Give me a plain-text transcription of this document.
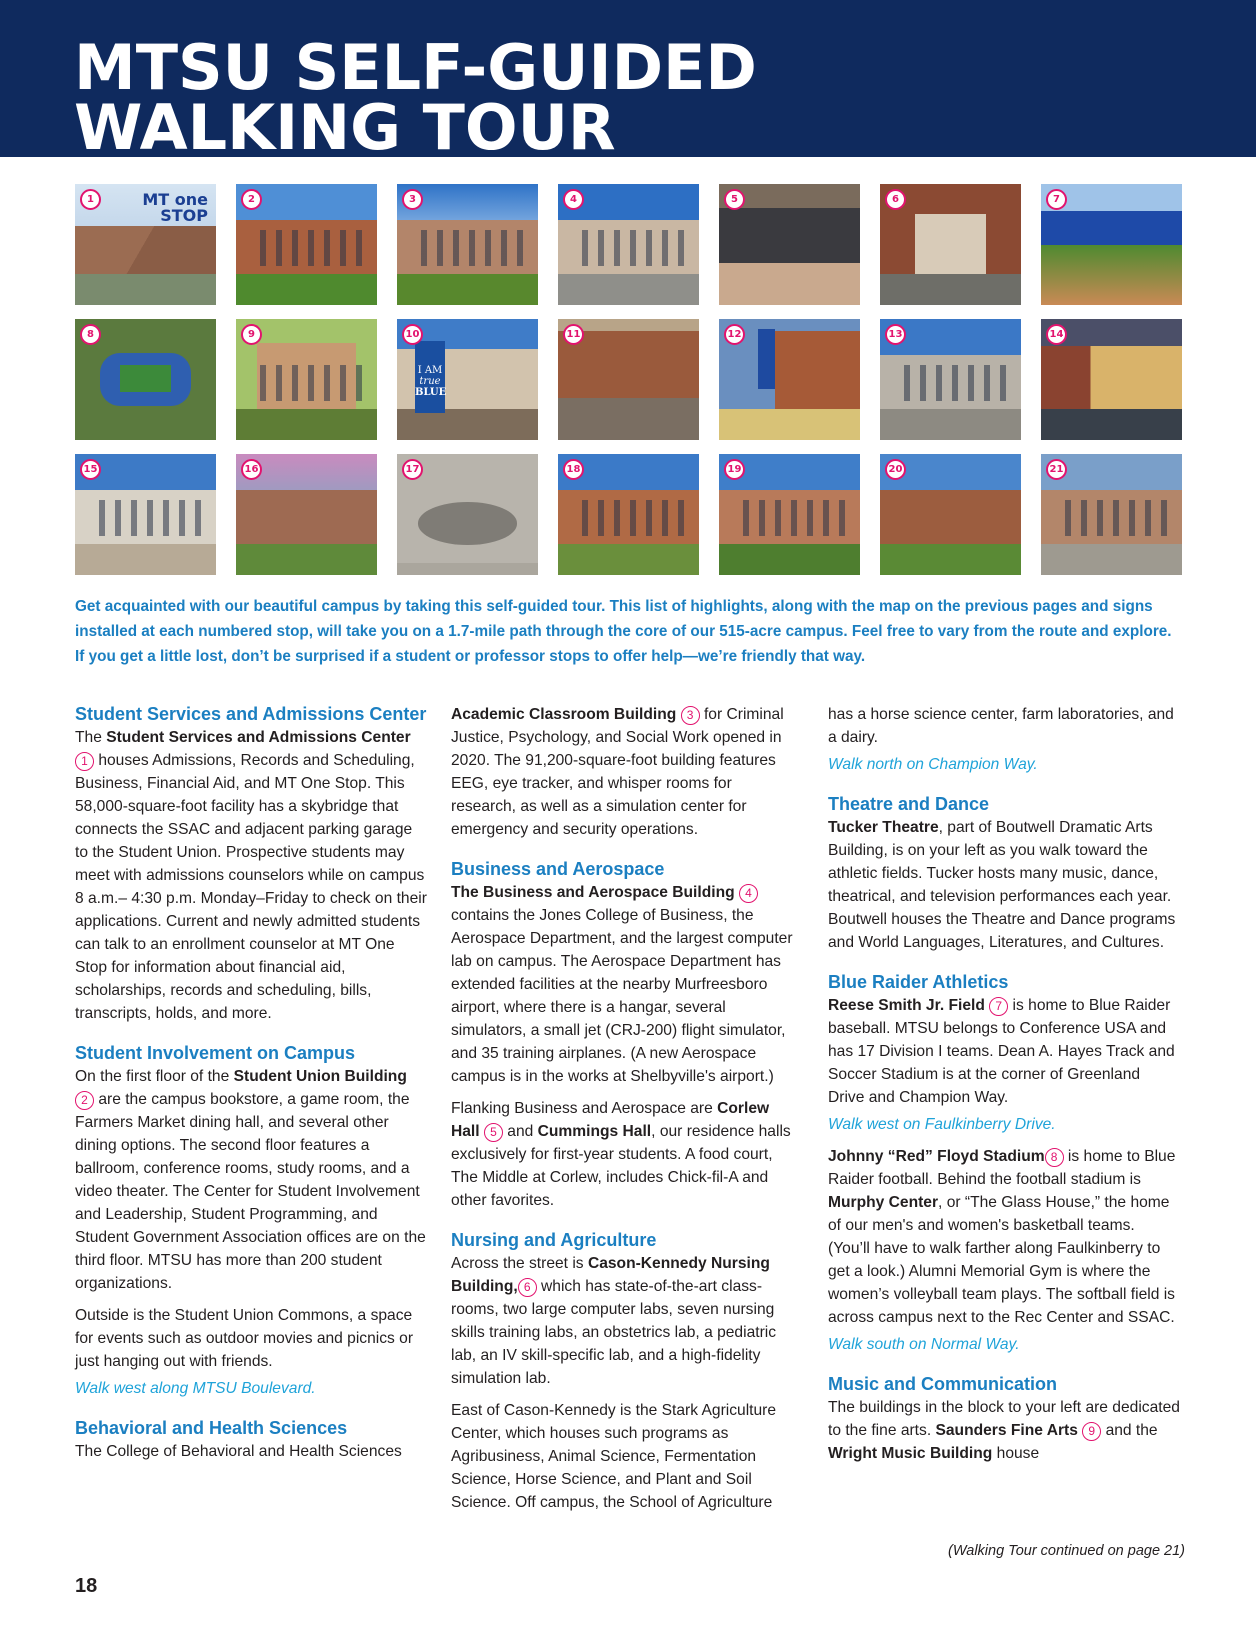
MTSU SELF-GUIDED
WALKING TOUR
MT one
STOP
1	2	3	4	5	6	7
8	9
I AM
true
BLUE
10	11	12	13	14
15	16	17	18	19	20	21

Get acquainted with our beautiful campus by taking this self-guided tour. This list of highlights, along with the map on the previous pages and signs installed at each numbered stop, will take you on a 1.7-mile path through the core of our 515-acre campus. Feel free to vary from the route and explore. If you get a little lost, don’t be surprised if a student or professor stops to offer help—we’re friendly that way.

Student Services and Admissions Center

The Student Services and Admissions Center 1 houses Admissions, Records and Scheduling, Business, Financial Aid, and MT One Stop. This 58,000-square-foot facility has a skybridge that connects the SSAC and adjacent parking garage to the Student Union. Prospective students may meet with admissions counselors while on campus 8 a.m.– 4:30 p.m. Monday–Friday to check on their applications. Current and newly admitted students can talk to an enrollment counselor at MT One Stop for information about financial aid, scholarships, records and scheduling, bills, transcripts, holds, and more.

Student Involvement on Campus

On the first floor of the Student Union Building 2 are the campus bookstore, a game room, the Farmers Market dining hall, and several other dining options. The second floor features a ballroom, conference rooms, study rooms, and a video theater. The Center for Student Involvement and Leadership, Student Programming, and Student Government Association offices are on the third floor. MTSU has more than 200 student organizations.

Outside is the Student Union Commons, a space for events such as outdoor movies and picnics or just hanging out with friends.

Walk west along MTSU Boulevard.

Behavioral and Health Sciences

The College of Behavioral and Health Sciences

Academic Classroom Building 3 for Criminal Justice, Psychology, and Social Work opened in 2020. The 91,200-square-foot building features EEG, eye tracker, and whisper rooms for research, as well as a simulation center for emergency and security operations.

Business and Aerospace

The Business and Aerospace Building 4 contains the Jones College of Business, the Aerospace Department, and the largest computer lab on campus. The Aerospace Department has extended facilities at the nearby Murfreesboro airport, where there is a hangar, several simulators, a small jet (CRJ-200) flight simulator, and 35 training airplanes. (A new Aerospace campus is in the works at Shelbyville's airport.)

Flanking Business and Aerospace are Corlew Hall 5 and Cummings Hall, our residence halls exclusively for first-year students. A food court, The Middle at Corlew, includes Chick-fil-A and other favorites.

Nursing and Agriculture

Across the street is Cason-Kennedy Nursing Building, 6 which has state-of-the-art class-rooms, two large computer labs, seven nursing skills training labs, an obstetrics lab, a pediatric lab, an IV skill-specific lab, and a high-fidelity simulation lab.

East of Cason-Kennedy is the Stark Agriculture Center, which houses such programs as Agribusiness, Animal Science, Fermentation Science, Horse Science, and Plant and Soil Science. Off campus, the School of Agriculture

has a horse science center, farm laboratories, and a dairy.

Walk north on Champion Way.

Theatre and Dance

Tucker Theatre, part of Boutwell Dramatic Arts Building, is on your left as you walk toward the athletic fields. Tucker hosts many music, dance, theatrical, and television performances each year. Boutwell houses the Theatre and Dance programs and World Languages, Literatures, and Cultures.

Blue Raider Athletics

Reese Smith Jr. Field 7 is home to Blue Raider baseball. MTSU belongs to Conference USA and has 17 Division I teams. Dean A. Hayes Track and Soccer Stadium is at the corner of Greenland Drive and Champion Way.

Walk west on Faulkinberry Drive.

Johnny “Red” Floyd Stadium 8 is home to Blue Raider football. Behind the football stadium is Murphy Center, or “The Glass House,” the home of our men's and women's basketball teams. (You’ll have to walk farther along Faulkinberry to get a look.) Alumni Memorial Gym is where the women’s volleyball team plays. The softball field is across campus next to the Rec Center and SSAC.

Walk south on Normal Way.

Music and Communication

The buildings in the block to your left are dedicated to the fine arts. Saunders Fine Arts 9 and the Wright Music Building house

(Walking Tour continued on page 21)

18
